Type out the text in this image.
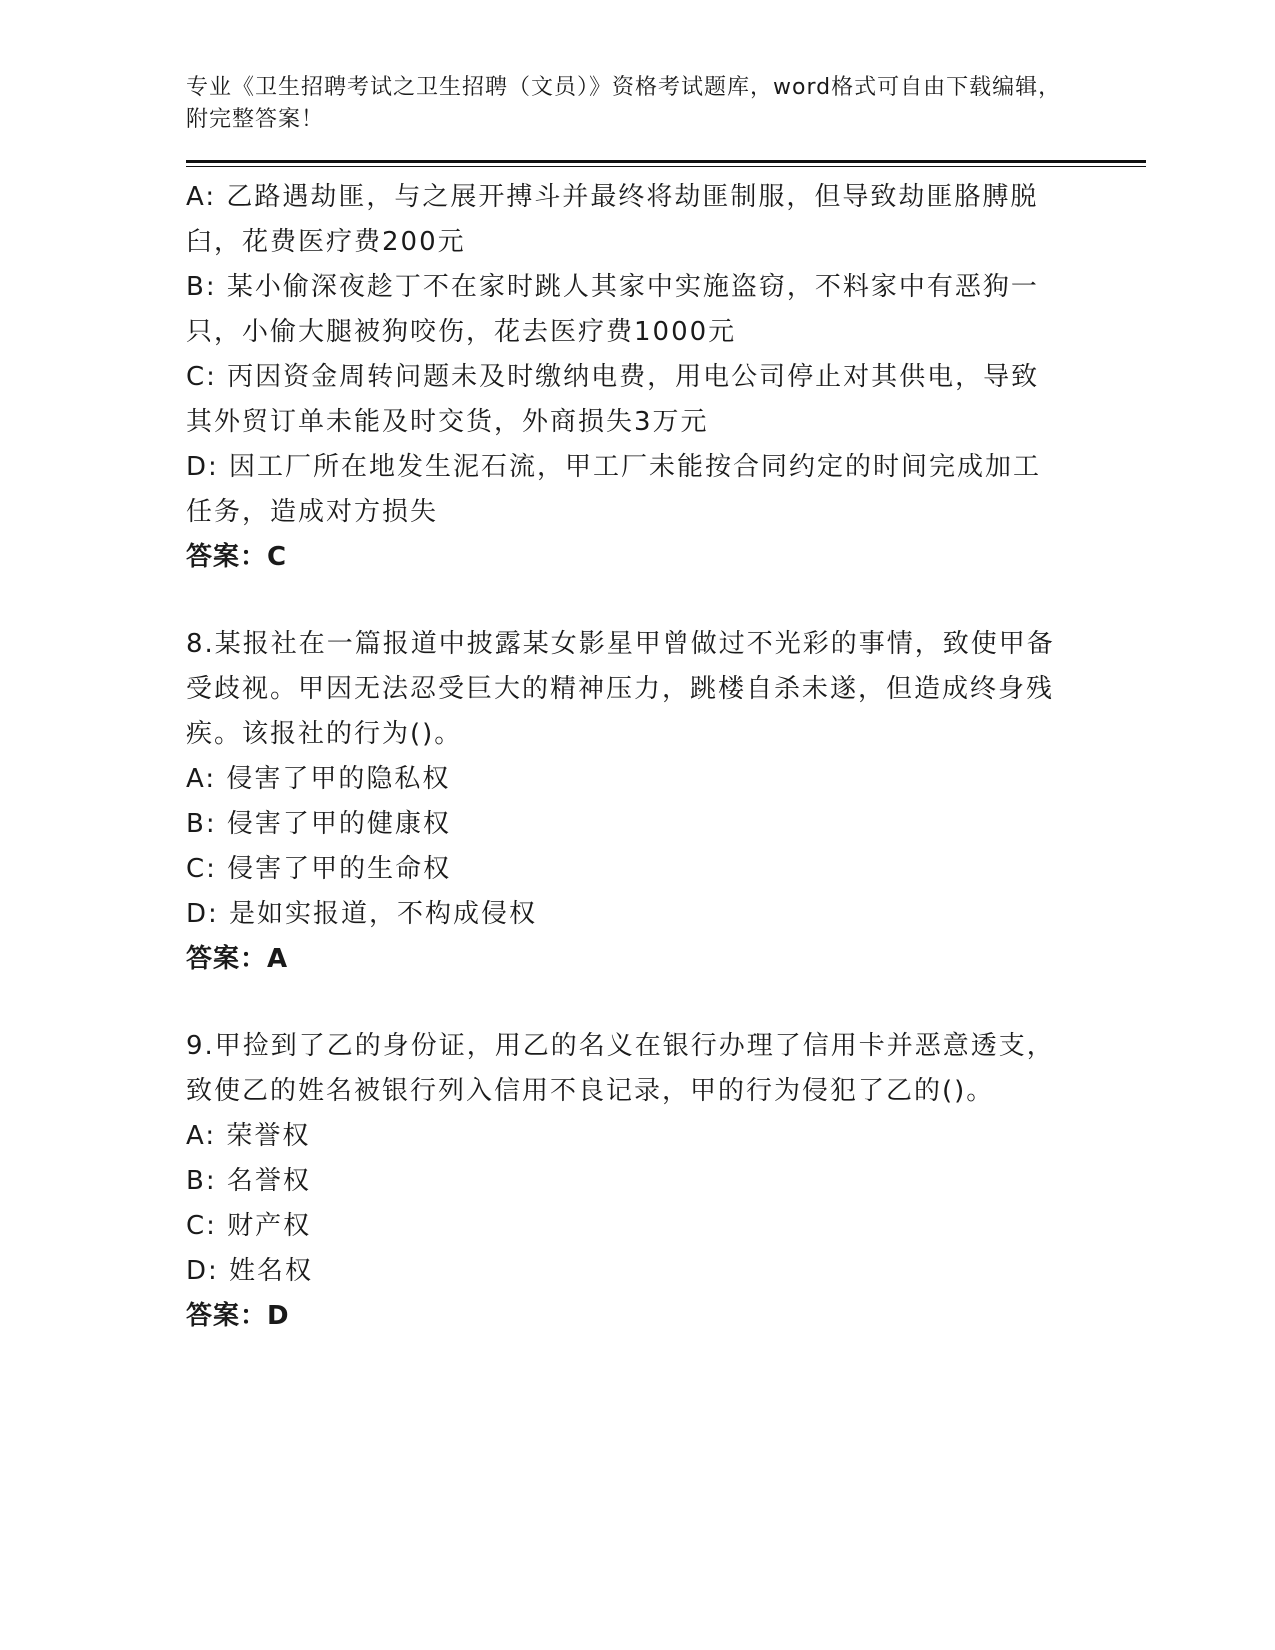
专业《卫生招聘考试之卫生招聘（文员）》资格考试题库，word格式可自由下载编辑，附完整答案！

A: 乙路遇劫匪，与之展开搏斗并最终将劫匪制服，但导致劫匪胳膊脱臼，花费医疗费200元

B: 某小偷深夜趁丁不在家时跳人其家中实施盗窃，不料家中有恶狗一只，小偷大腿被狗咬伤，花去医疗费1000元

C: 丙因资金周转问题未及时缴纳电费，用电公司停止对其供电，导致其外贸订单未能及时交货，外商损失3万元

D: 因工厂所在地发生泥石流，甲工厂未能按合同约定的时间完成加工任务，造成对方损失

答案：C

8.某报社在一篇报道中披露某女影星甲曾做过不光彩的事情，致使甲备受歧视。甲因无法忍受巨大的精神压力，跳楼自杀未遂，但造成终身残疾。该报社的行为()。

A: 侵害了甲的隐私权

B: 侵害了甲的健康权

C: 侵害了甲的生命权

D: 是如实报道，不构成侵权

答案：A

9.甲捡到了乙的身份证，用乙的名义在银行办理了信用卡并恶意透支，致使乙的姓名被银行列入信用不良记录，甲的行为侵犯了乙的()。

A: 荣誉权

B: 名誉权

C: 财产权

D: 姓名权

答案：D
